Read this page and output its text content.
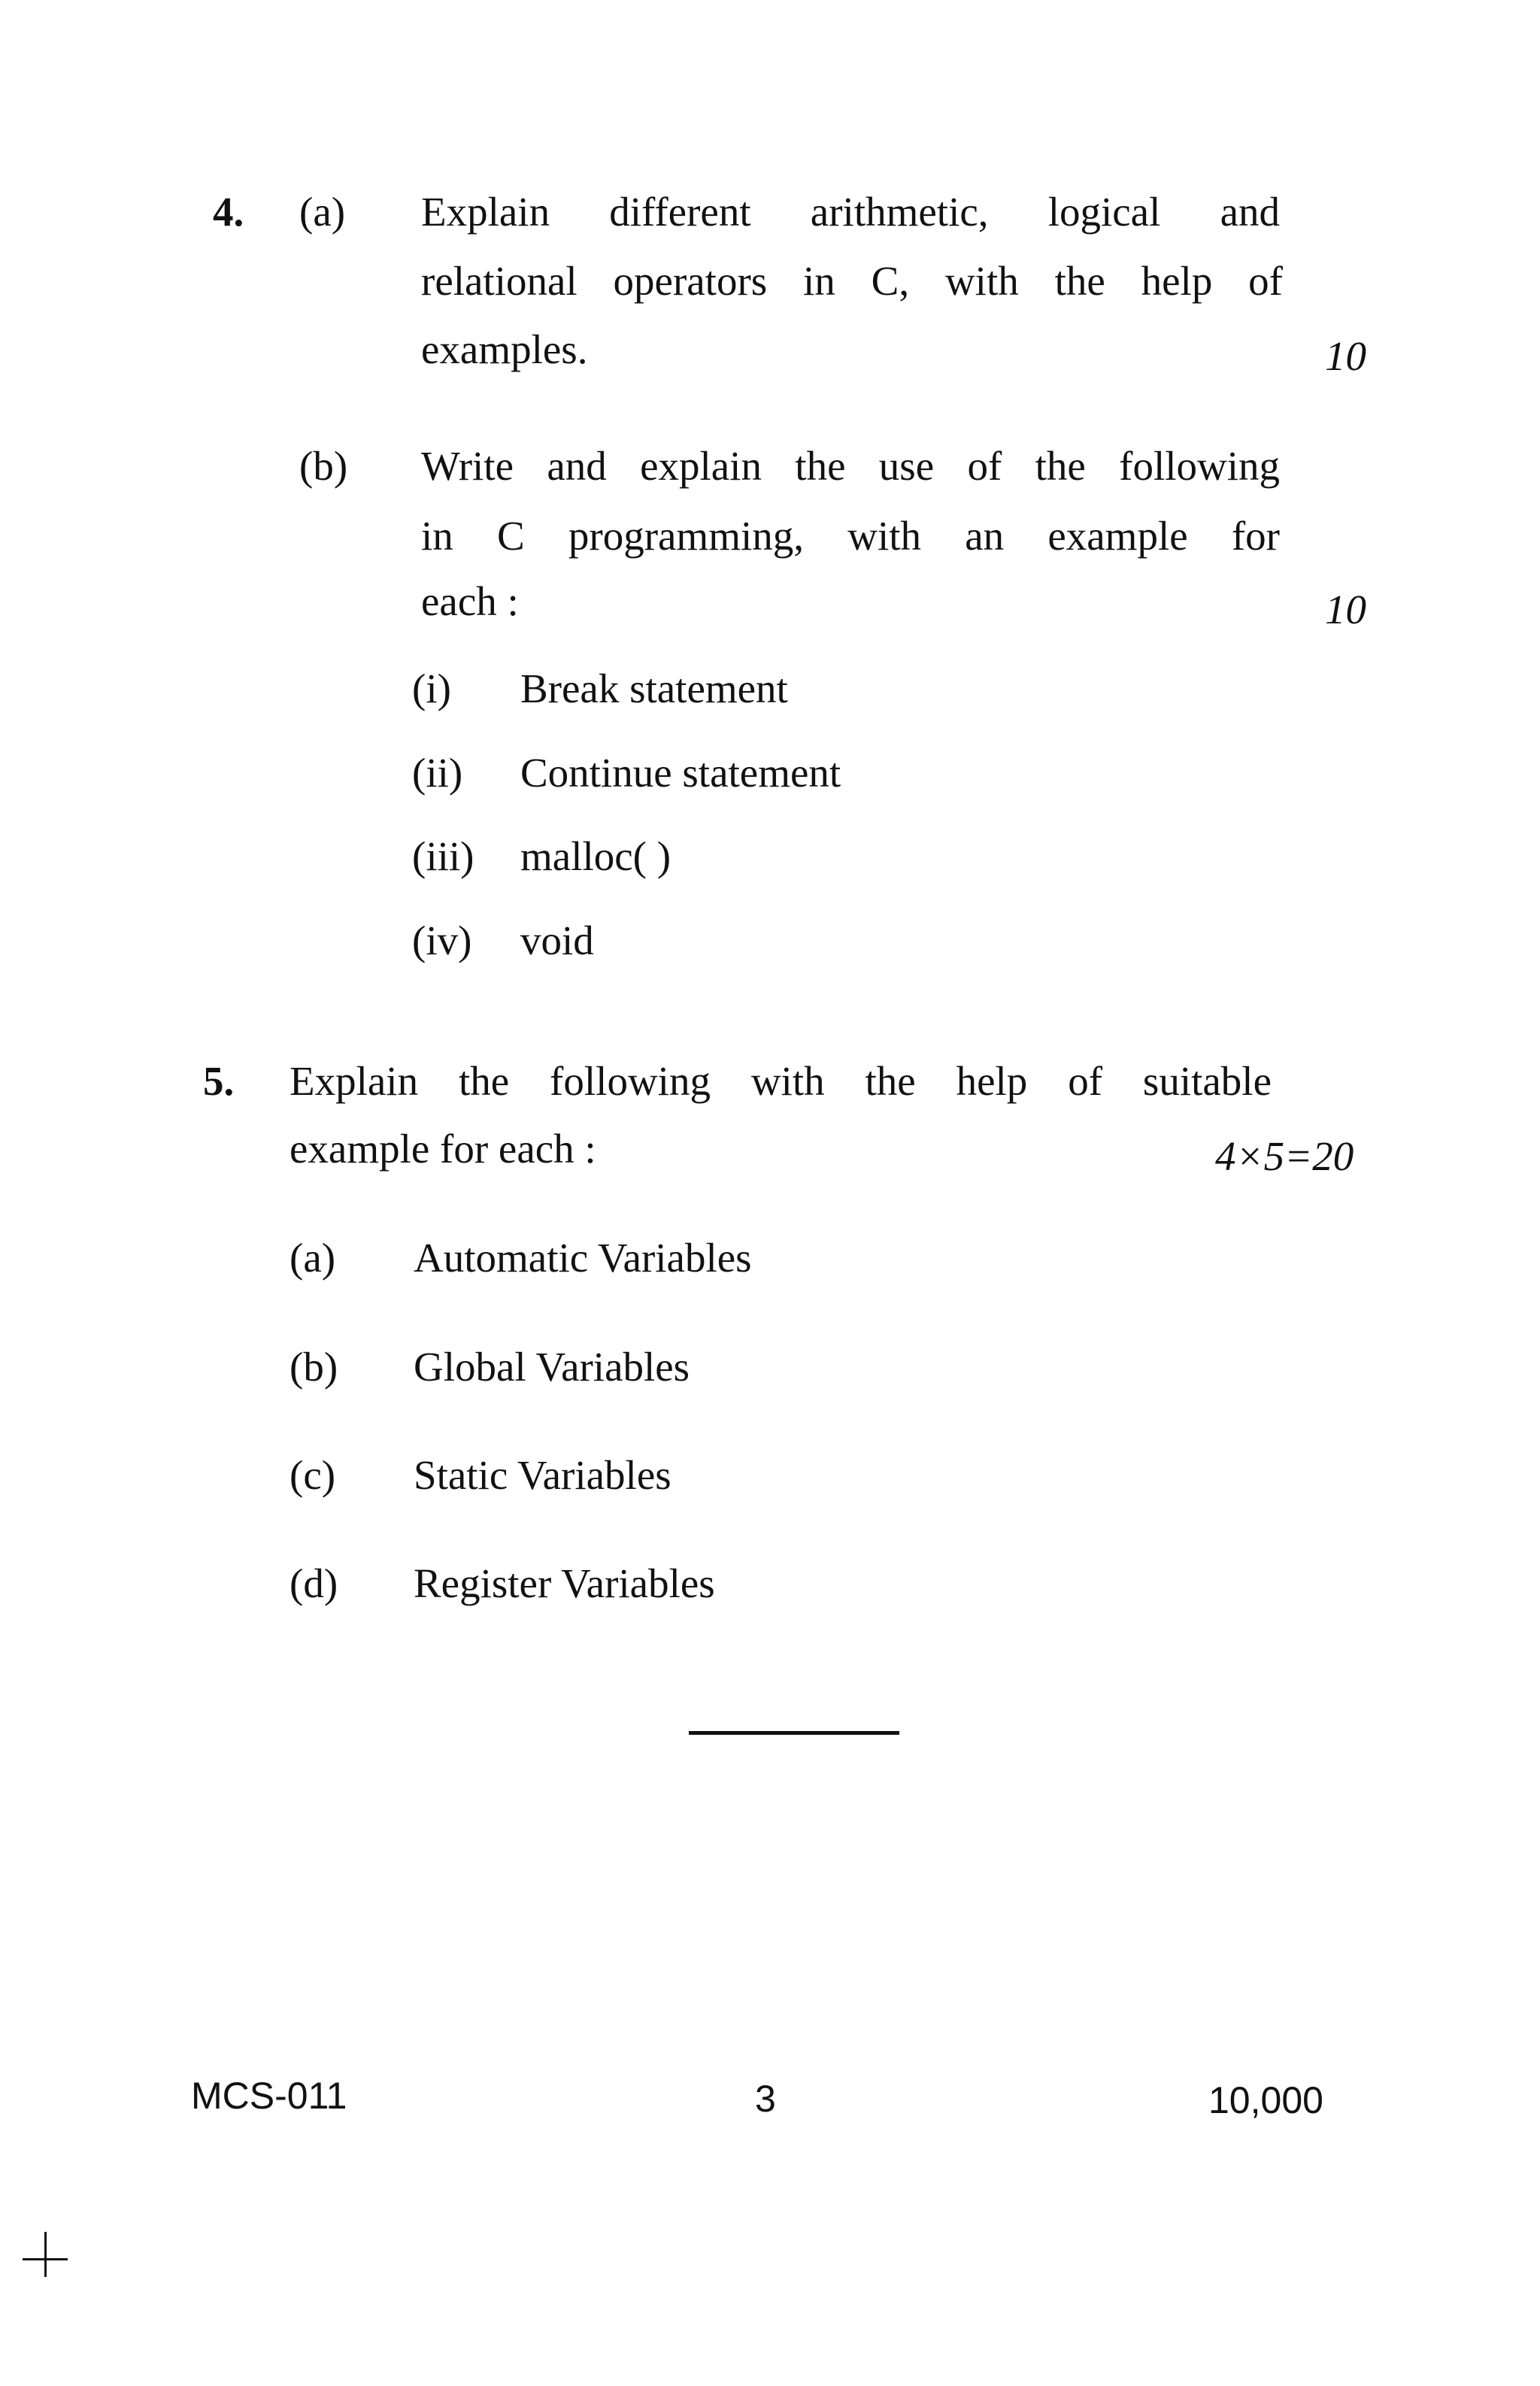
4. (a) Explain different arithmetic, logical and
relational operators in C, with the help of
examples.	10
(b) Write and explain the use of the following
in C programming, with an example for
each :	10
(i) Break statement
(ii) Continue statement
(iii) malloc( )
(iv) void
5. Explain the following with the help of suitable
example for each :	4×5=20
(a) Automatic Variables
(b) Global Variables
(c) Static Variables
(d) Register Variables
MCS-011	3	10,000
